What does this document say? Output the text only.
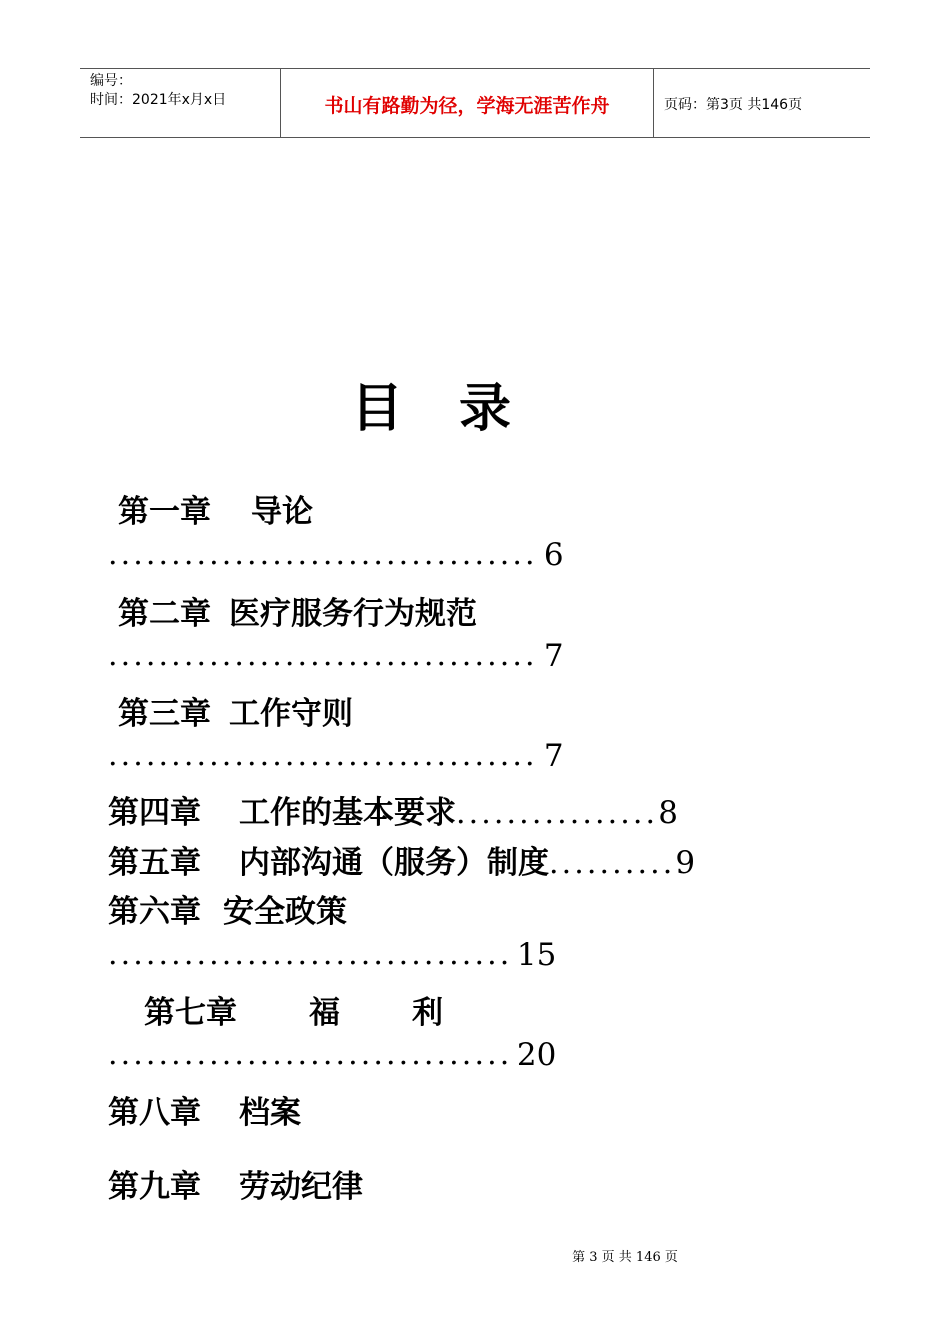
编号：
时间：2021年x月x日	书山有路勤为径，学海无涯苦作舟	页码：第3页 共146页
目 录
第一章 导论
.................................. 6
第二章 医疗服务行为规范
.................................. 7
第三章 工作守则
.................................. 7
第四章 工作的基本要求................8
第五章 内部沟通（服务）制度..........9
第六章 安全政策
................................ 15
第七章 福 利
................................ 20
第八章 档案
第九章 劳动纪律
第 3 页 共 146 页
